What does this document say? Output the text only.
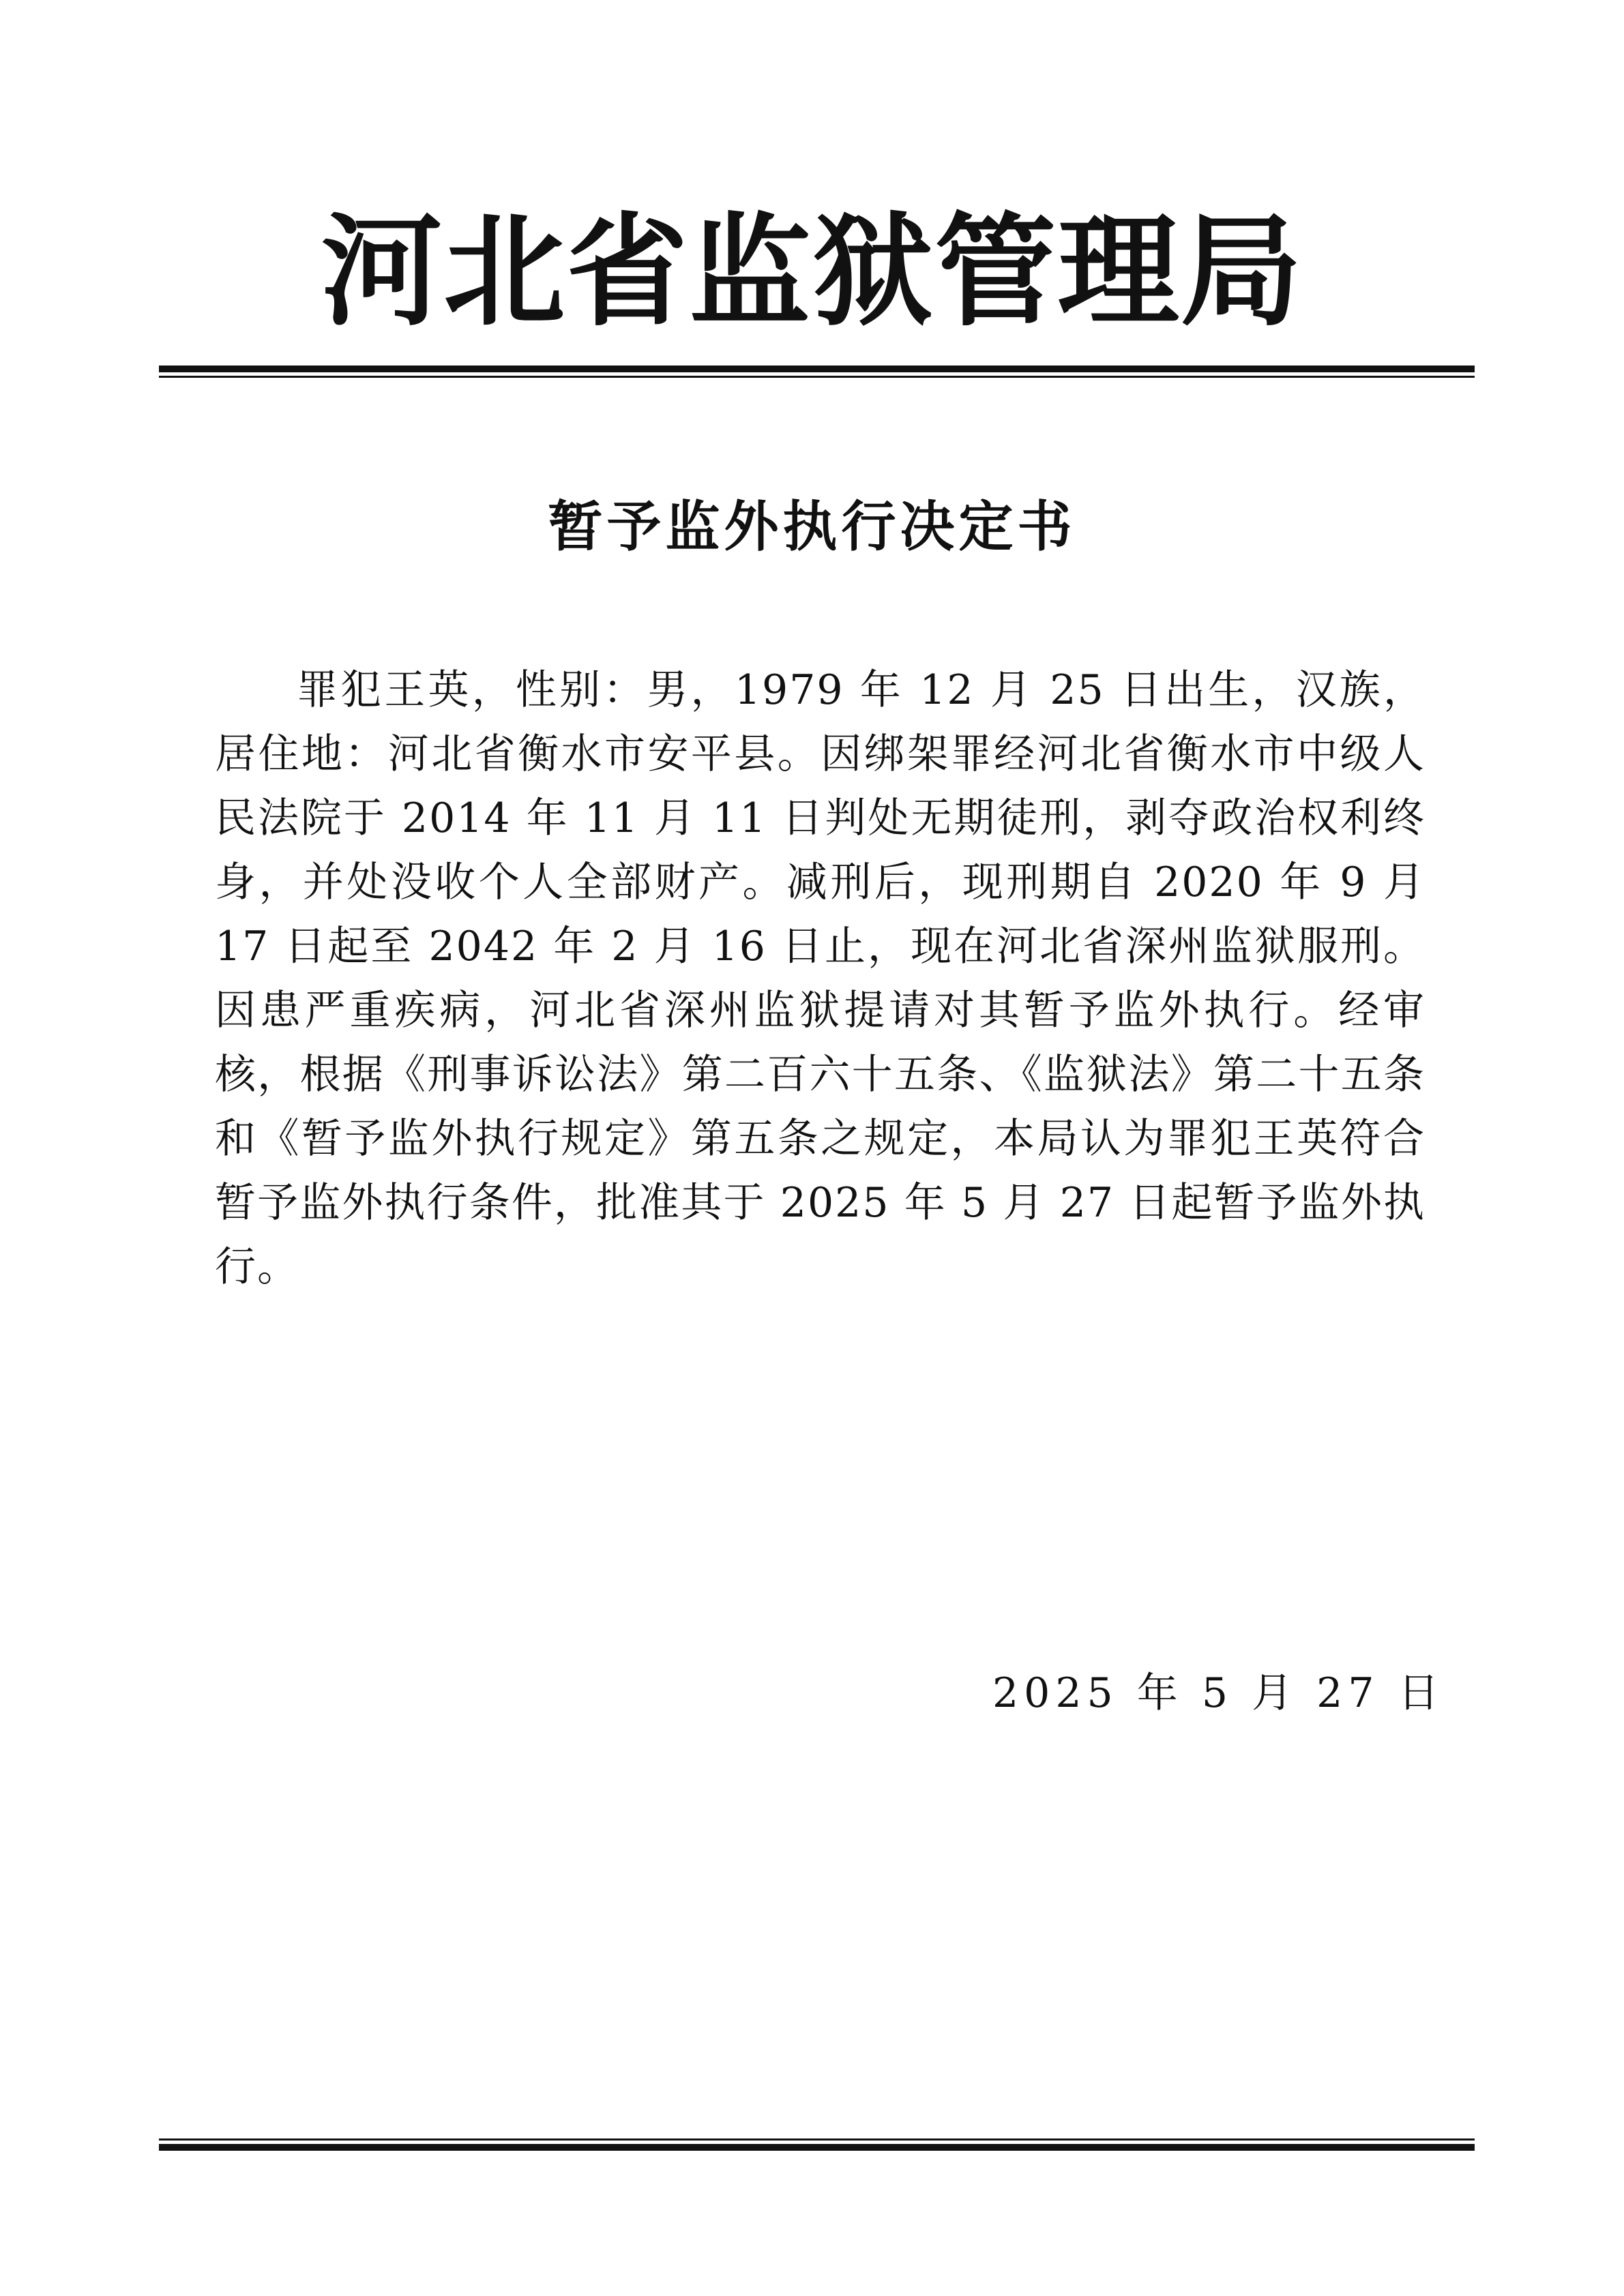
河北省监狱管理局
暂予监外执行决定书

罪犯王英，性别：男，1979 年 12 月 25 日出生，汉族，居住地：河北省衡水市安平县。因绑架罪经河北省衡水市中级人民法院于 2014 年 11 月 11 日判处无期徒刑，剥夺政治权利终身，并处没收个人全部财产。减刑后，现刑期自 2020 年 9 月 17 日起至 2042 年 2 月 16 日止，现在河北省深州监狱服刑。因患严重疾病，河北省深州监狱提请对其暂予监外执行。经审核，根据《刑事诉讼法》第二百六十五条、《监狱法》第二十五条和《暂予监外执行规定》第五条之规定，本局认为罪犯王英符合暂予监外执行条件，批准其于 2025 年 5 月 27 日起暂予监外执行。

2025 年 5 月 27 日
